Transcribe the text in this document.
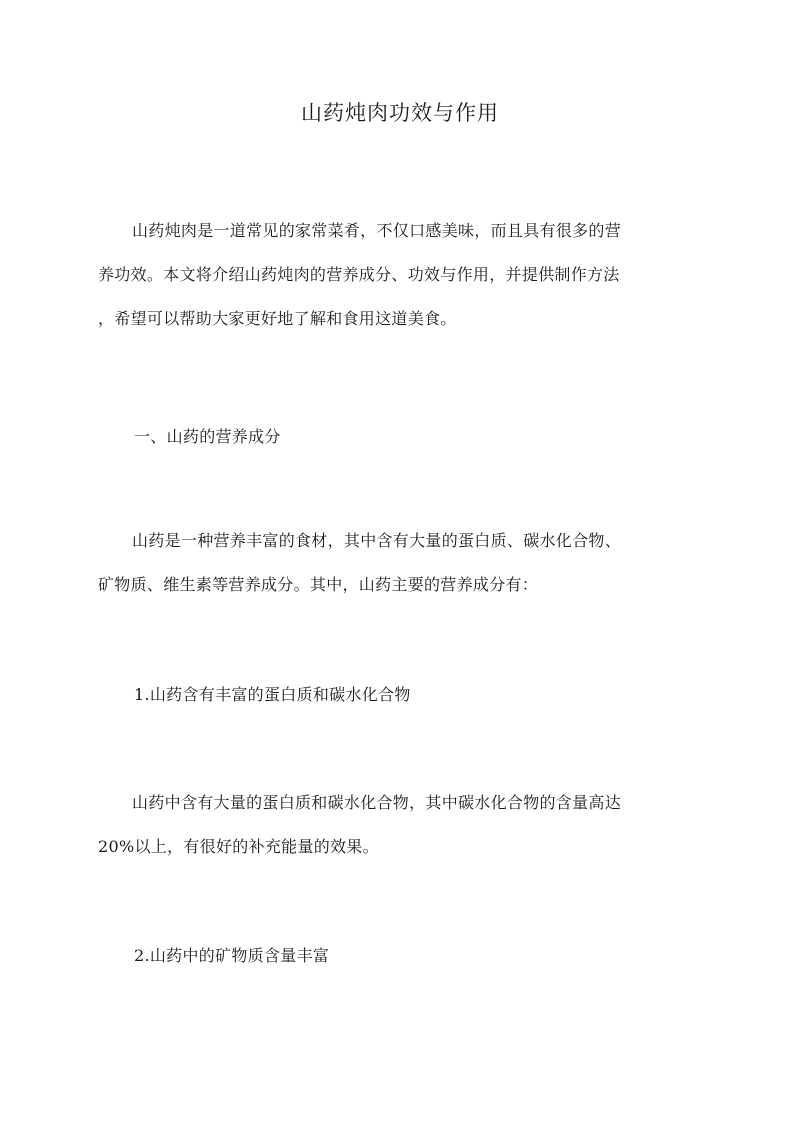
山药炖肉功效与作用
山药炖肉是一道常见的家常菜肴，不仅口感美味，而且具有很多的营
养功效。本文将介绍山药炖肉的营养成分、功效与作用，并提供制作方法
，希望可以帮助大家更好地了解和食用这道美食。
一、山药的营养成分
山药是一种营养丰富的食材，其中含有大量的蛋白质、碳水化合物、
矿物质、维生素等营养成分。其中，山药主要的营养成分有：
1.山药含有丰富的蛋白质和碳水化合物
山药中含有大量的蛋白质和碳水化合物，其中碳水化合物的含量高达
20%以上，有很好的补充能量的效果。
2.山药中的矿物质含量丰富
